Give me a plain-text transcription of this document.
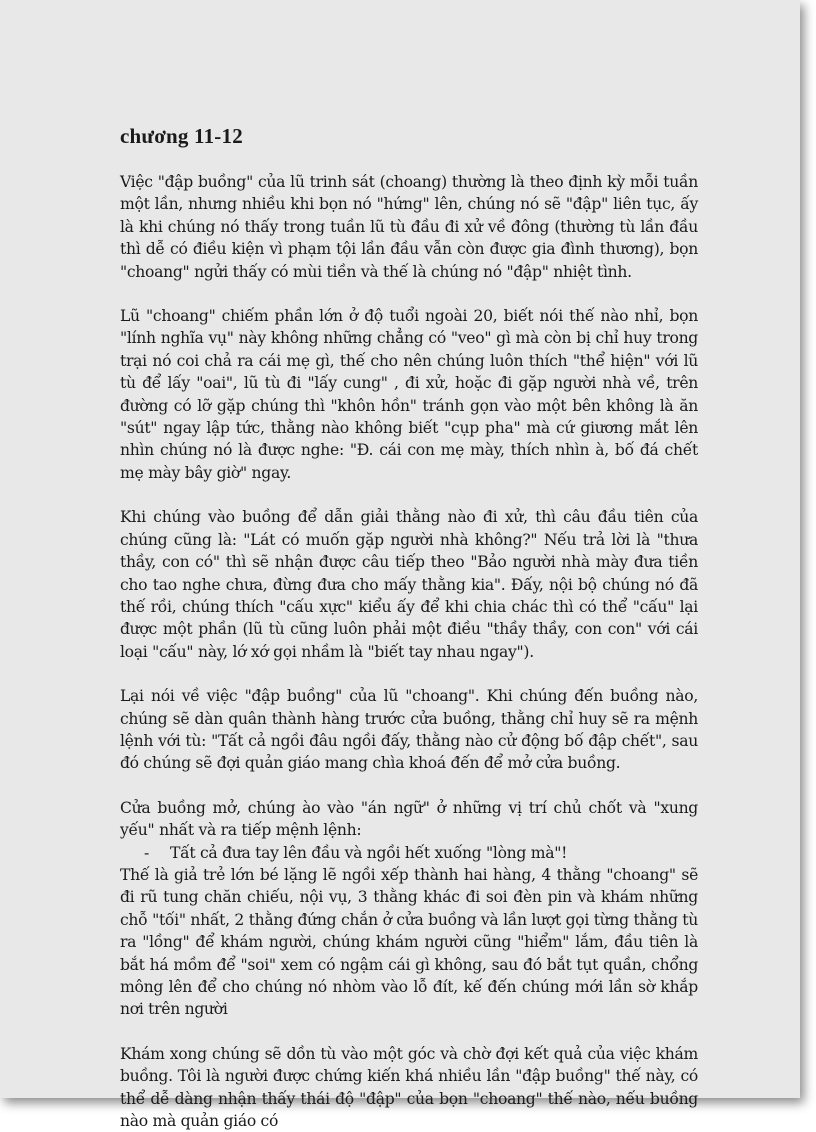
chương 11-12

Việc "đập buồng" của lũ trinh sát (choang) thường là theo định kỳ mỗi tuần một lần, nhưng nhiều khi bọn nó "hứng" lên, chúng nó sẽ "đập" liên tục, ấy là khi chúng nó thấy trong tuần lũ tù đầu đi xử về đông (thường tù lần đầu thì dễ có điều kiện vì phạm tội lần đầu vẫn còn được gia đình thương), bọn "choang" ngửi thấy có mùi tiền và thế là chúng nó "đập" nhiệt tình.

Lũ "choang" chiếm phần lớn ở độ tuổi ngoài 20, biết nói thế nào nhỉ, bọn "lính nghĩa vụ" này không những chẳng có "veo" gì mà còn bị chỉ huy trong trại nó coi chả ra cái mẹ gì, thế cho nên chúng luôn thích "thể hiện" với lũ tù để lấy "oai", lũ tù đi "lấy cung" , đi xử, hoặc đi gặp người nhà về, trên đường có lỡ gặp chúng thì "khôn hồn" tránh gọn vào một bên không là ăn "sút" ngay lập tức, thằng nào không biết "cụp pha" mà cứ giương mắt lên nhìn chúng nó là được nghe: "Đ. cái con mẹ mày, thích nhìn à, bố đá chết mẹ mày bây giờ" ngay.

Khi chúng vào buồng để dẫn giải thằng nào đi xử, thì câu đầu tiên của chúng cũng là: "Lát có muốn gặp người nhà không?" Nếu trả lời là "thưa thầy, con có" thì sẽ nhận được câu tiếp theo "Bảo người nhà mày đưa tiền cho tao nghe chưa, đừng đưa cho mấy thằng kia". Đấy, nội bộ chúng nó đã thế rồi, chúng thích "cấu xực" kiểu ấy để khi chia chác thì có thể "cấu" lại được một phần (lũ tù cũng luôn phải một điều "thầy thầy, con con" với cái loại "cấu" này, lớ xớ gọi nhầm là "biết tay nhau ngay").

Lại nói về việc "đập buồng" của lũ "choang". Khi chúng đến buồng nào, chúng sẽ dàn quân thành hàng trước cửa buồng, thằng chỉ huy sẽ ra mệnh lệnh với tù: "Tất cả ngồi đâu ngồi đấy, thằng nào cử động bố đập chết", sau đó chúng sẽ đợi quản giáo mang chìa khoá đến để mở cửa buồng.

Cửa buồng mở, chúng ào vào "án ngữ" ở những vị trí chủ chốt và "xung yếu" nhất và ra tiếp mệnh lệnh:

-	Tất cả đưa tay lên đầu và ngồi hết xuống "lòng mà"!

Thế là giả trẻ lớn bé lặng lẽ ngồi xếp thành hai hàng, 4 thằng "choang" sẽ đi rũ tung chăn chiếu, nội vụ, 3 thằng khác đi soi đèn pin và khám những chỗ "tối" nhất, 2 thằng đứng chắn ở cửa buồng và lần lượt gọi từng thằng tù ra "lồng" để khám người, chúng khám người cũng "hiểm" lắm, đầu tiên là bắt há mồm để "soi" xem có ngậm cái gì không, sau đó bắt tụt quần, chổng mông lên để cho chúng nó nhòm vào lỗ đít, kế đến chúng mới lần sờ khắp nơi trên người

Khám xong chúng sẽ dồn tù vào một góc và chờ đợi kết quả của việc khám buồng. Tôi là người được chứng kiến khá nhiều lần "đập buồng" thế này, có thể dễ dàng nhận thấy thái độ "đập" của bọn "choang" thế nào, nếu buồng nào mà quản giáo có
